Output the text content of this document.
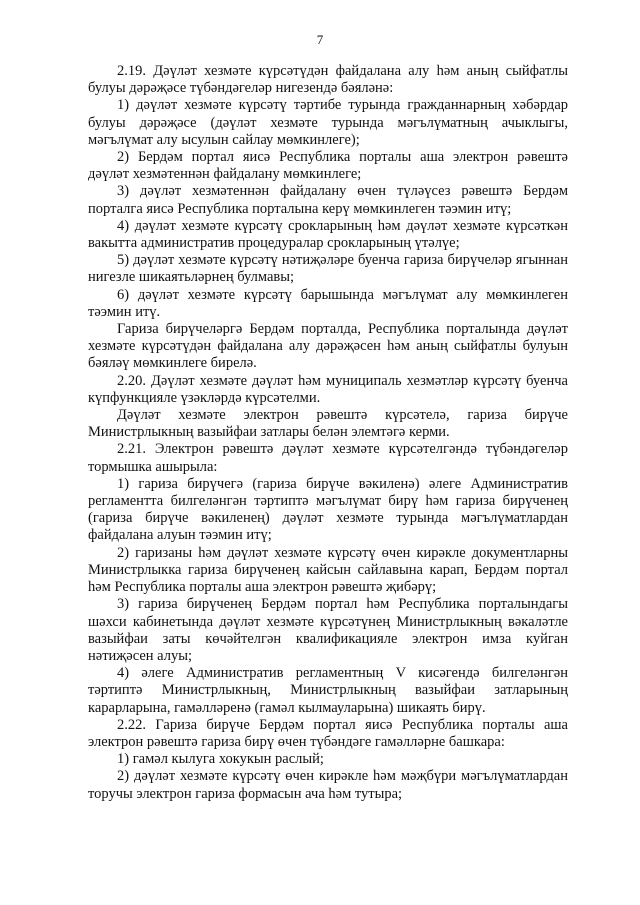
7

2.19. Дәүләт хезмәте күрсәтүдән файдалана алу һәм аның сыйфатлы булуы дәрәҗәсе түбәндәгеләр нигезендә бәяләнә:

1) дәүләт хезмәте күрсәтү тәртибе турында гражданнарның хәбәрдар булуы дәрәҗәсе (дәүләт хезмәте турында мәгълүматның ачыклыгы, мәгълүмат алу ысулын сайлау мөмкинлеге);

2) Бердәм портал яисә Республика порталы аша электрон рәвештә дәүләт хезмәтеннән файдалану мөмкинлеге;

3) дәүләт хезмәтеннән файдалану өчен түләүсез рәвештә Бердәм порталга яисә Республика порталына керү мөмкинлеген тәэмин итү;

4) дәүләт хезмәте күрсәтү срокларының һәм дәүләт хезмәте күрсәткән вакытта административ процедуралар срокларының үтәлүе;

5) дәүләт хезмәте күрсәтү нәтиҗәләре буенча гариза бирүчеләр ягыннан нигезле шикаятьләрнең булмавы;

6) дәүләт хезмәте күрсәтү барышында мәгълүмат алу мөмкинлеген тәэмин итү.

Гариза бирүчеләргә Бердәм порталда, Республика порталында дәүләт хезмәте күрсәтүдән файдалана алу дәрәҗәсен һәм аның сыйфатлы булуын бәяләү мөмкинлеге бирелә.

2.20. Дәүләт хезмәте дәүләт һәм муниципаль хезмәтләр күрсәтү буенча күпфункцияле үзәкләрдә күрсәтелми.

Дәүләт хезмәте электрон рәвештә күрсәтелә, гариза бирүче Министрлыкның вазыйфаи затлары белән элемтәгә керми.

2.21. Электрон рәвештә дәүләт хезмәте күрсәтелгәндә түбәндәгеләр тормышка ашырыла:

1) гариза бирүчегә (гариза бирүче вәкиленә) әлеге Административ регламентта билгеләнгән тәртиптә мәгълүмат бирү һәм гариза бирүченең (гариза бирүче вәкиленең) дәүләт хезмәте турында мәгълүматлардан файдалана алуын тәэмин итү;

2) гаризаны һәм дәүләт хезмәте күрсәтү өчен кирәкле документларны Министрлыкка гариза бирүченең кайсын сайлавына карап, Бердәм портал һәм Республика порталы аша электрон рәвештә җибәрү;

3) гариза бирүченең Бердәм портал һәм Республика порталындагы шәхси кабинетында дәүләт хезмәте күрсәтүнең Министрлыкның вәкаләтле вазыйфаи заты көчәйтелгән квалификацияле электрон имза куйган нәтиҗәсен алуы;

4) әлеге Административ регламентның V кисәгендә билгеләнгән тәртиптә Министрлыкның, Министрлыкның вазыйфаи затларының карарларына, гамәлләренә (гамәл кылмауларына) шикаять бирү.

2.22. Гариза бирүче Бердәм портал яисә Республика порталы аша электрон рәвештә гариза бирү өчен түбәндәге гамәлләрне башкара:

1) гамәл кылуга хокукын раслый;

2) дәүләт хезмәте күрсәтү өчен кирәкле һәм мәҗбүри мәгълүматлардан торучы электрон гариза формасын ача һәм тутыра;
